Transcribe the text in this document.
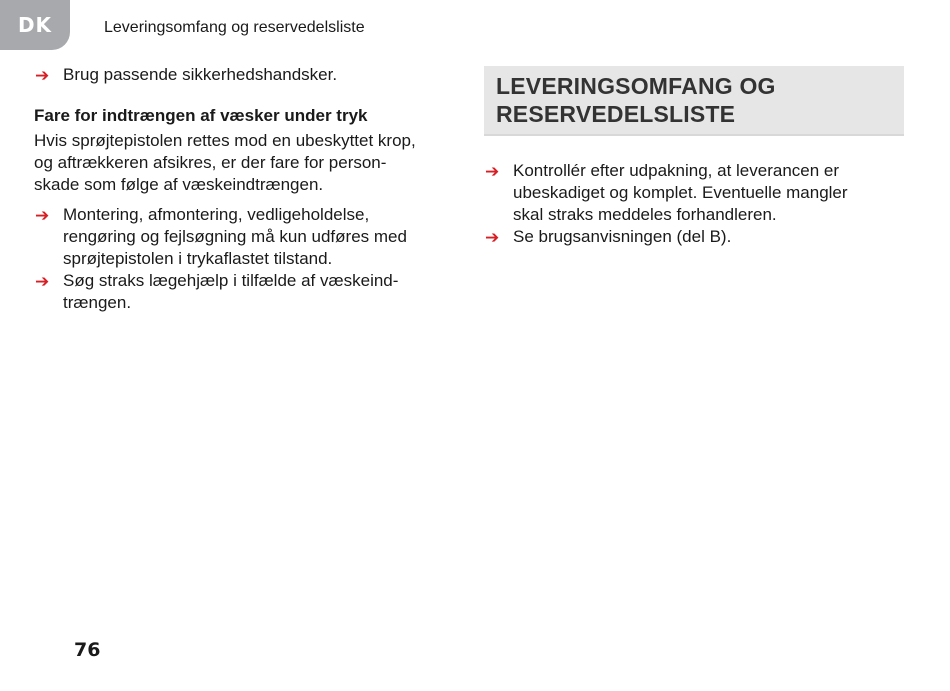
DK	Leveringsomfang og reservedelsliste
➔ Brug passende sikkerhedshandsker.
Fare for indtrængen af væsker under tryk
Hvis sprøjtepistolen rettes mod en ubeskyttet krop,
og aftrækkeren afsikres, er der fare for person-
skade som følge af væskeindtrængen.
➔ Montering, afmontering, vedligeholdelse,
rengøring og fejlsøgning må kun udføres med
sprøjtepistolen i trykaflastet tilstand.
➔ Søg straks lægehjælp i tilfælde af væskeind-
trængen.
LEVERINGSOMFANG OG
RESERVEDELSLISTE
➔ Kontrollér efter udpakning, at leverancen er
ubeskadiget og komplet. Eventuelle mangler
skal straks meddeles forhandleren.
➔ Se brugsanvisningen (del B).
76
